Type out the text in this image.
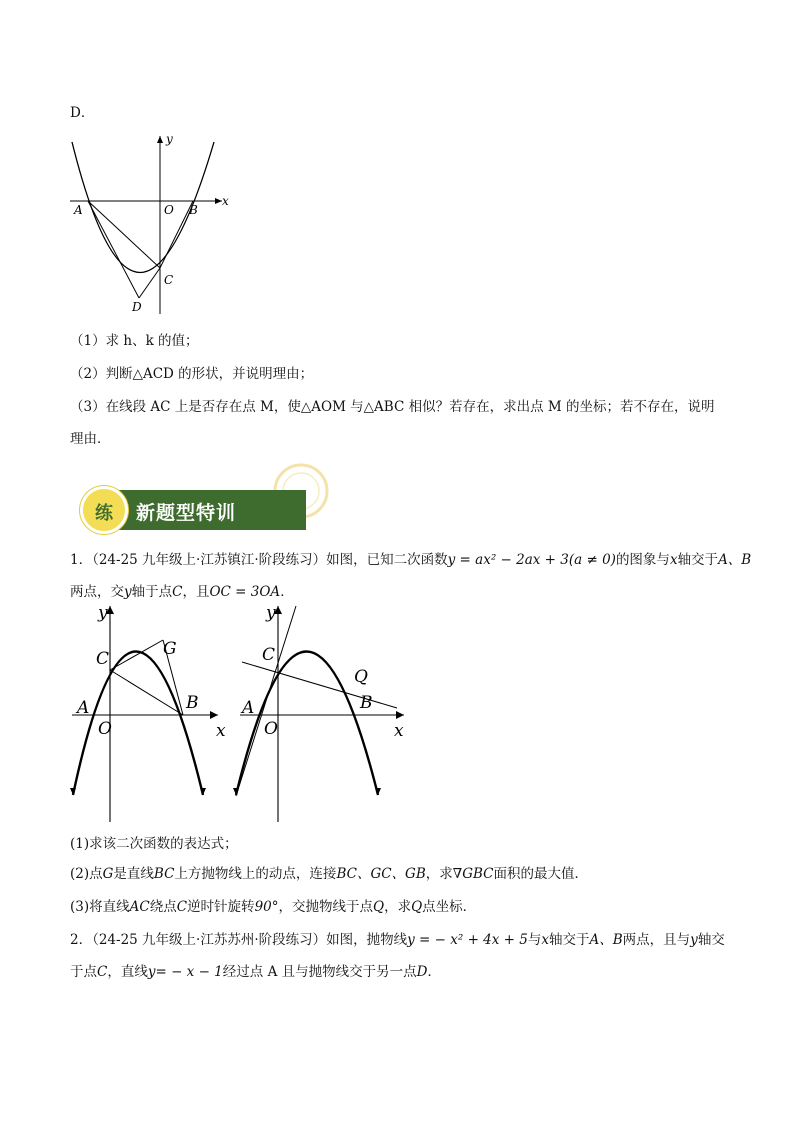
D．
y
x
O
A	B
C
D
（1）求 h、k 的值；
（2）判断△ACD 的形状，并说明理由；
（3）在线段 AC 上是否存在点 M，使△AOM 与△ABC 相似？若存在，求出点 M 的坐标；若不存在，说明
理由．
新题型特训
练
1．（24-25 九年级上·江苏镇江·阶段练习）如图，已知二次函数y = ax² − 2ax + 3(a ≠ 0)的图象与x轴交于A、B
两点，交y轴于点C，且OC = 3OA．
y
x
O
A	B
C	G
y
x
O
A	B
C
Q
(1)求该二次函数的表达式；
(2)点G是直线BC上方抛物线上的动点，连接BC、GC、GB，求∇GBC面积的最大值．
(3)将直线AC绕点C逆时针旋转90°，交抛物线于点Q，求Q点坐标．
2．（24-25 九年级上·江苏苏州·阶段练习）如图，抛物线y = − x² + 4x + 5与x轴交于A、B两点，且与y轴交
于点C，直线y= − x − 1经过点 A 且与抛物线交于另一点D．
